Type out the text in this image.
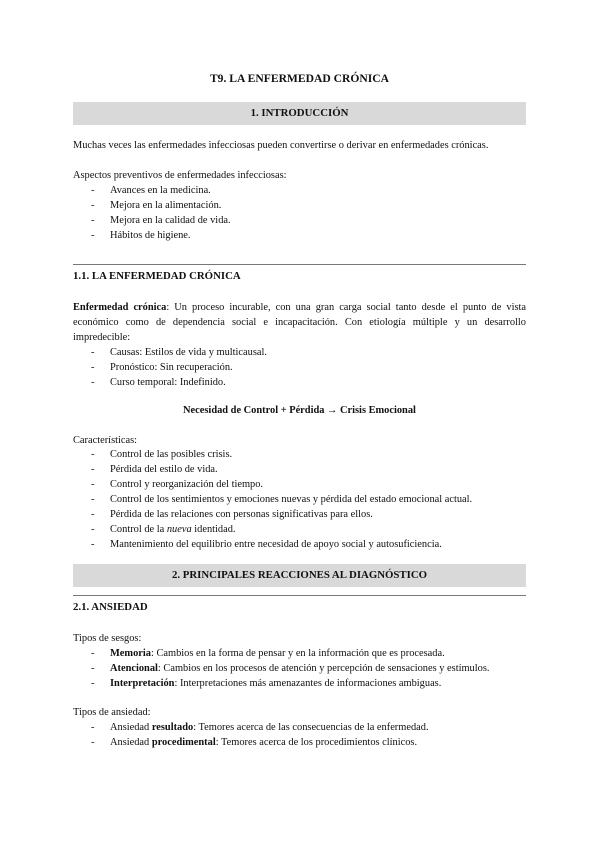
T9. LA ENFERMEDAD CRÓNICA
1. INTRODUCCIÓN
Muchas veces las enfermedades infecciosas pueden convertirse o derivar en enfermedades crónicas.
Aspectos preventivos de enfermedades infecciosas:
- Avances en la medicina.
- Mejora en la alimentación.
- Mejora en la calidad de vida.
- Hábitos de higiene.
1.1. LA ENFERMEDAD CRÓNICA
Enfermedad crónica: Un proceso incurable, con una gran carga social tanto desde el punto de vista económico como de dependencia social e incapacitación. Con etiología múltiple y un desarrollo impredecible:
- Causas: Estilos de vida y multicausal.
- Pronóstico: Sin recuperación.
- Curso temporal: Indefinido.
Necesidad de Control + Pérdida → Crisis Emocional
Características:
- Control de las posibles crisis.
- Pérdida del estilo de vida.
- Control y reorganización del tiempo.
- Control de los sentimientos y emociones nuevas y pérdida del estado emocional actual.
- Pérdida de las relaciones con personas significativas para ellos.
- Control de la nueva identidad.
- Mantenimiento del equilibrio entre necesidad de apoyo social y autosuficiencia.
2. PRINCIPALES REACCIONES AL DIAGNÓSTICO
2.1. ANSIEDAD
Tipos de sesgos:
- Memoria: Cambios en la forma de pensar y en la información que es procesada.
- Atencional: Cambios en los procesos de atención y percepción de sensaciones y estímulos.
- Interpretación: Interpretaciones más amenazantes de informaciones ambiguas.
Tipos de ansiedad:
- Ansiedad resultado: Temores acerca de las consecuencias de la enfermedad.
- Ansiedad procedimental: Temores acerca de los procedimientos clínicos.
